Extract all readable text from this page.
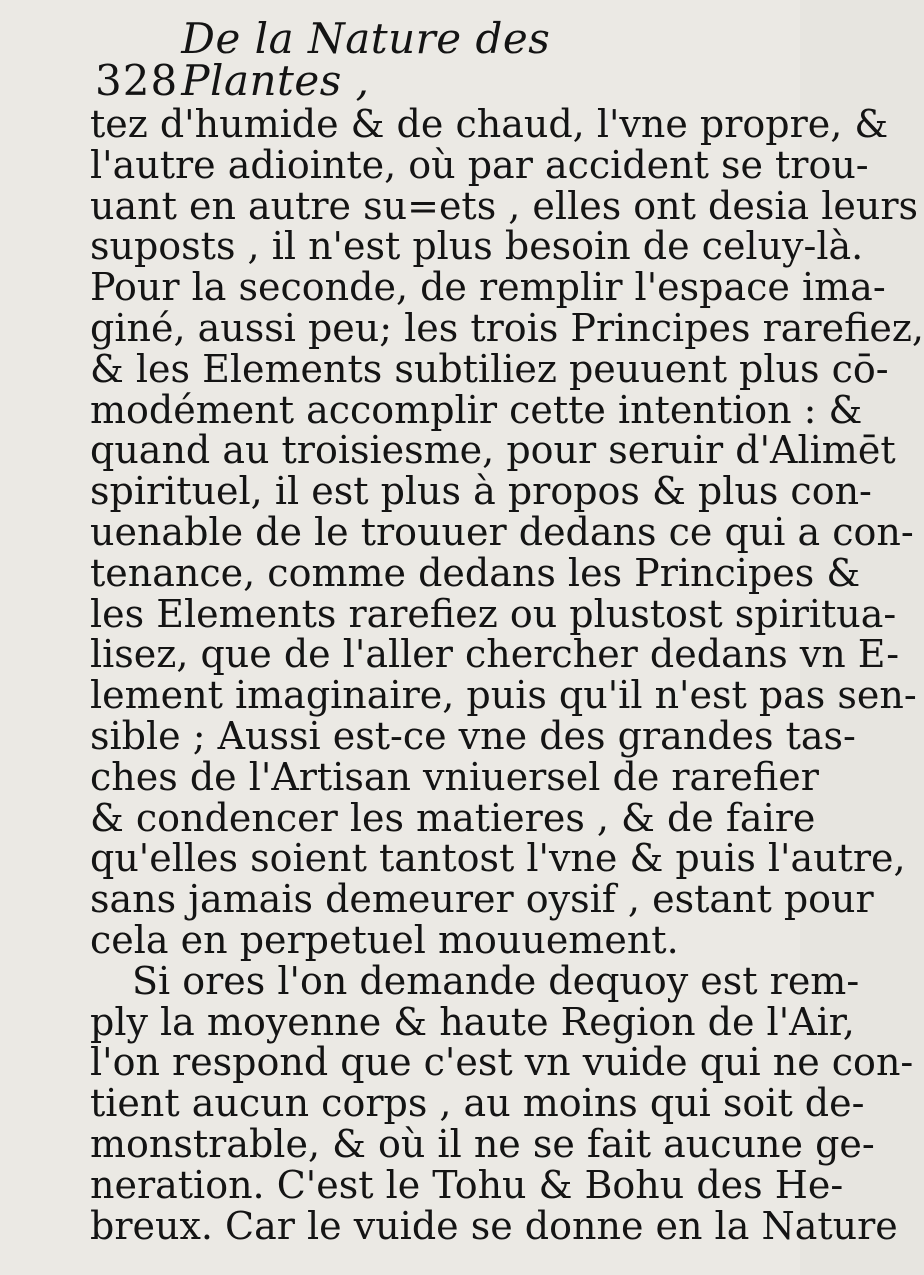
328
De la Nature des Plantes ,
tez d'humide & de chaud, l'vne propre, &
l'autre adiointe, où par accident se trou-
uant en autre su=ets , elles ont desia leurs
suposts , il n'est plus besoin de celuy-là.
Pour la seconde, de remplir l'espace ima-
giné, aussi peu; les trois Principes rarefiez,
& les Elements subtiliez peuuent plus cō-
modément accomplir cette intention : &
quand au troisiesme, pour seruir d'Alimēt
spirituel, il est plus à propos & plus con-
uenable de le trouuer dedans ce qui a con-
tenance, comme dedans les Principes &
les Elements rarefiez ou plustost spiritua-
lisez, que de l'aller chercher dedans vn E-
lement imaginaire, puis qu'il n'est pas sen-
sible ; Aussi est-ce vne des grandes tas-
ches de l'Artisan vniuersel de rarefier
& condencer les matieres , & de faire
qu'elles soient tantost l'vne & puis l'autre,
sans jamais demeurer oysif , estant pour
cela en perpetuel mouuement.
Si ores l'on demande dequoy est rem-
ply la moyenne & haute Region de l'Air,
l'on respond que c'est vn vuide qui ne con-
tient aucun corps , au moins qui soit de-
monstrable, & où il ne se fait aucune ge-
neration. C'est le Tohu & Bohu des He-
breux. Car le vuide se donne en la Nature
